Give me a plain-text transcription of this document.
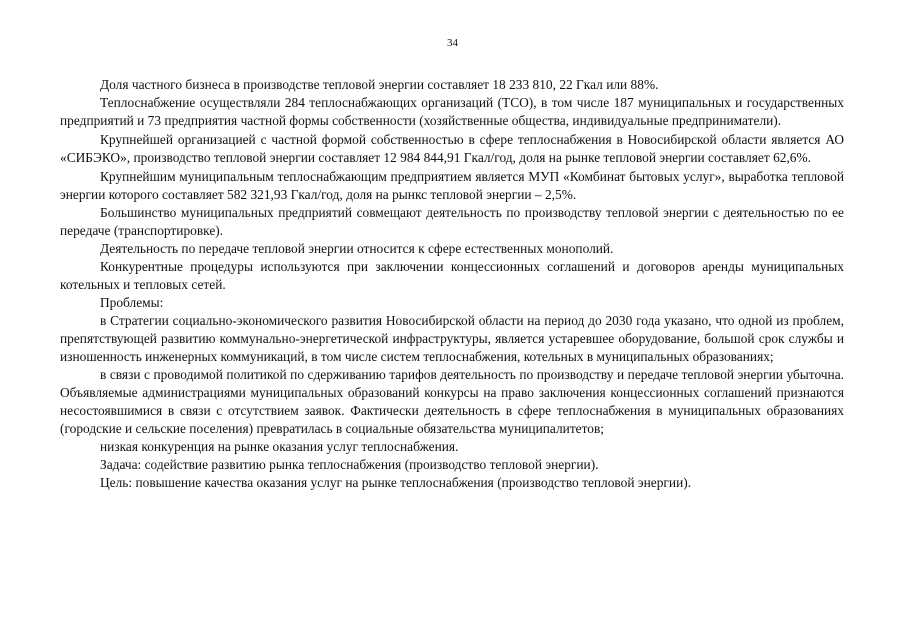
34

Доля частного бизнеса в производстве тепловой энергии составляет 18 233 810, 22 Гкал или 88%.

Теплоснабжение осуществляли 284 теплоснабжающих организаций (ТСО), в том числе 187 муниципальных и государственных предприятий и 73 предприятия частной формы собственности (хозяйственные общества, индивидуальные предприниматели).

Крупнейшей организацией с частной формой собственностью в сфере теплоснабжения в Новосибирской области является АО «СИБЭКО», производство тепловой энергии составляет 12 984 844,91 Гкал/год, доля на рынке тепловой энергии составляет 62,6%.

Крупнейшим муниципальным теплоснабжающим предприятием является МУП «Комбинат бытовых услуг», выработка тепловой энергии которого составляет 582 321,93 Гкал/год, доля на рынкс тепловой энергии – 2,5%.

Большинство муниципальных предприятий совмещают деятельность по производству тепловой энергии с деятельностью по ее передаче (транспортировке).

Деятельность по передаче тепловой энергии относится к сфере естественных монополий.

Конкурентные процедуры используются при заключении концессионных соглашений и договоров аренды муниципальных котельных и тепловых сетей.

Проблемы:

в Стратегии социально-экономического развития Новосибирской области на период до 2030 года указано, что одной из проблем, препятствующей развитию коммунально-энергетической инфраструктуры, является устаревшее оборудование, большой срок службы и изношенность инженерных коммуникаций, в том числе систем теплоснабжения, котельных в муниципальных образованиях;

в связи с проводимой политикой по сдерживанию тарифов деятельность по производству и передаче тепловой энергии убыточна. Объявляемые администрациями муниципальных образований конкурсы на право заключения концессионных соглашений признаются несостоявшимися в связи с отсутствием заявок. Фактически деятельность в сфере теплоснабжения в муниципальных образованиях (городские и сельские поселения) превратилась в социальные обязательства муниципалитетов;

низкая конкуренция на рынке оказания услуг теплоснабжения.

Задача: содействие развитию рынка теплоснабжения (производство тепловой энергии).

Цель: повышение качества оказания услуг на рынке теплоснабжения (производство тепловой энергии).
